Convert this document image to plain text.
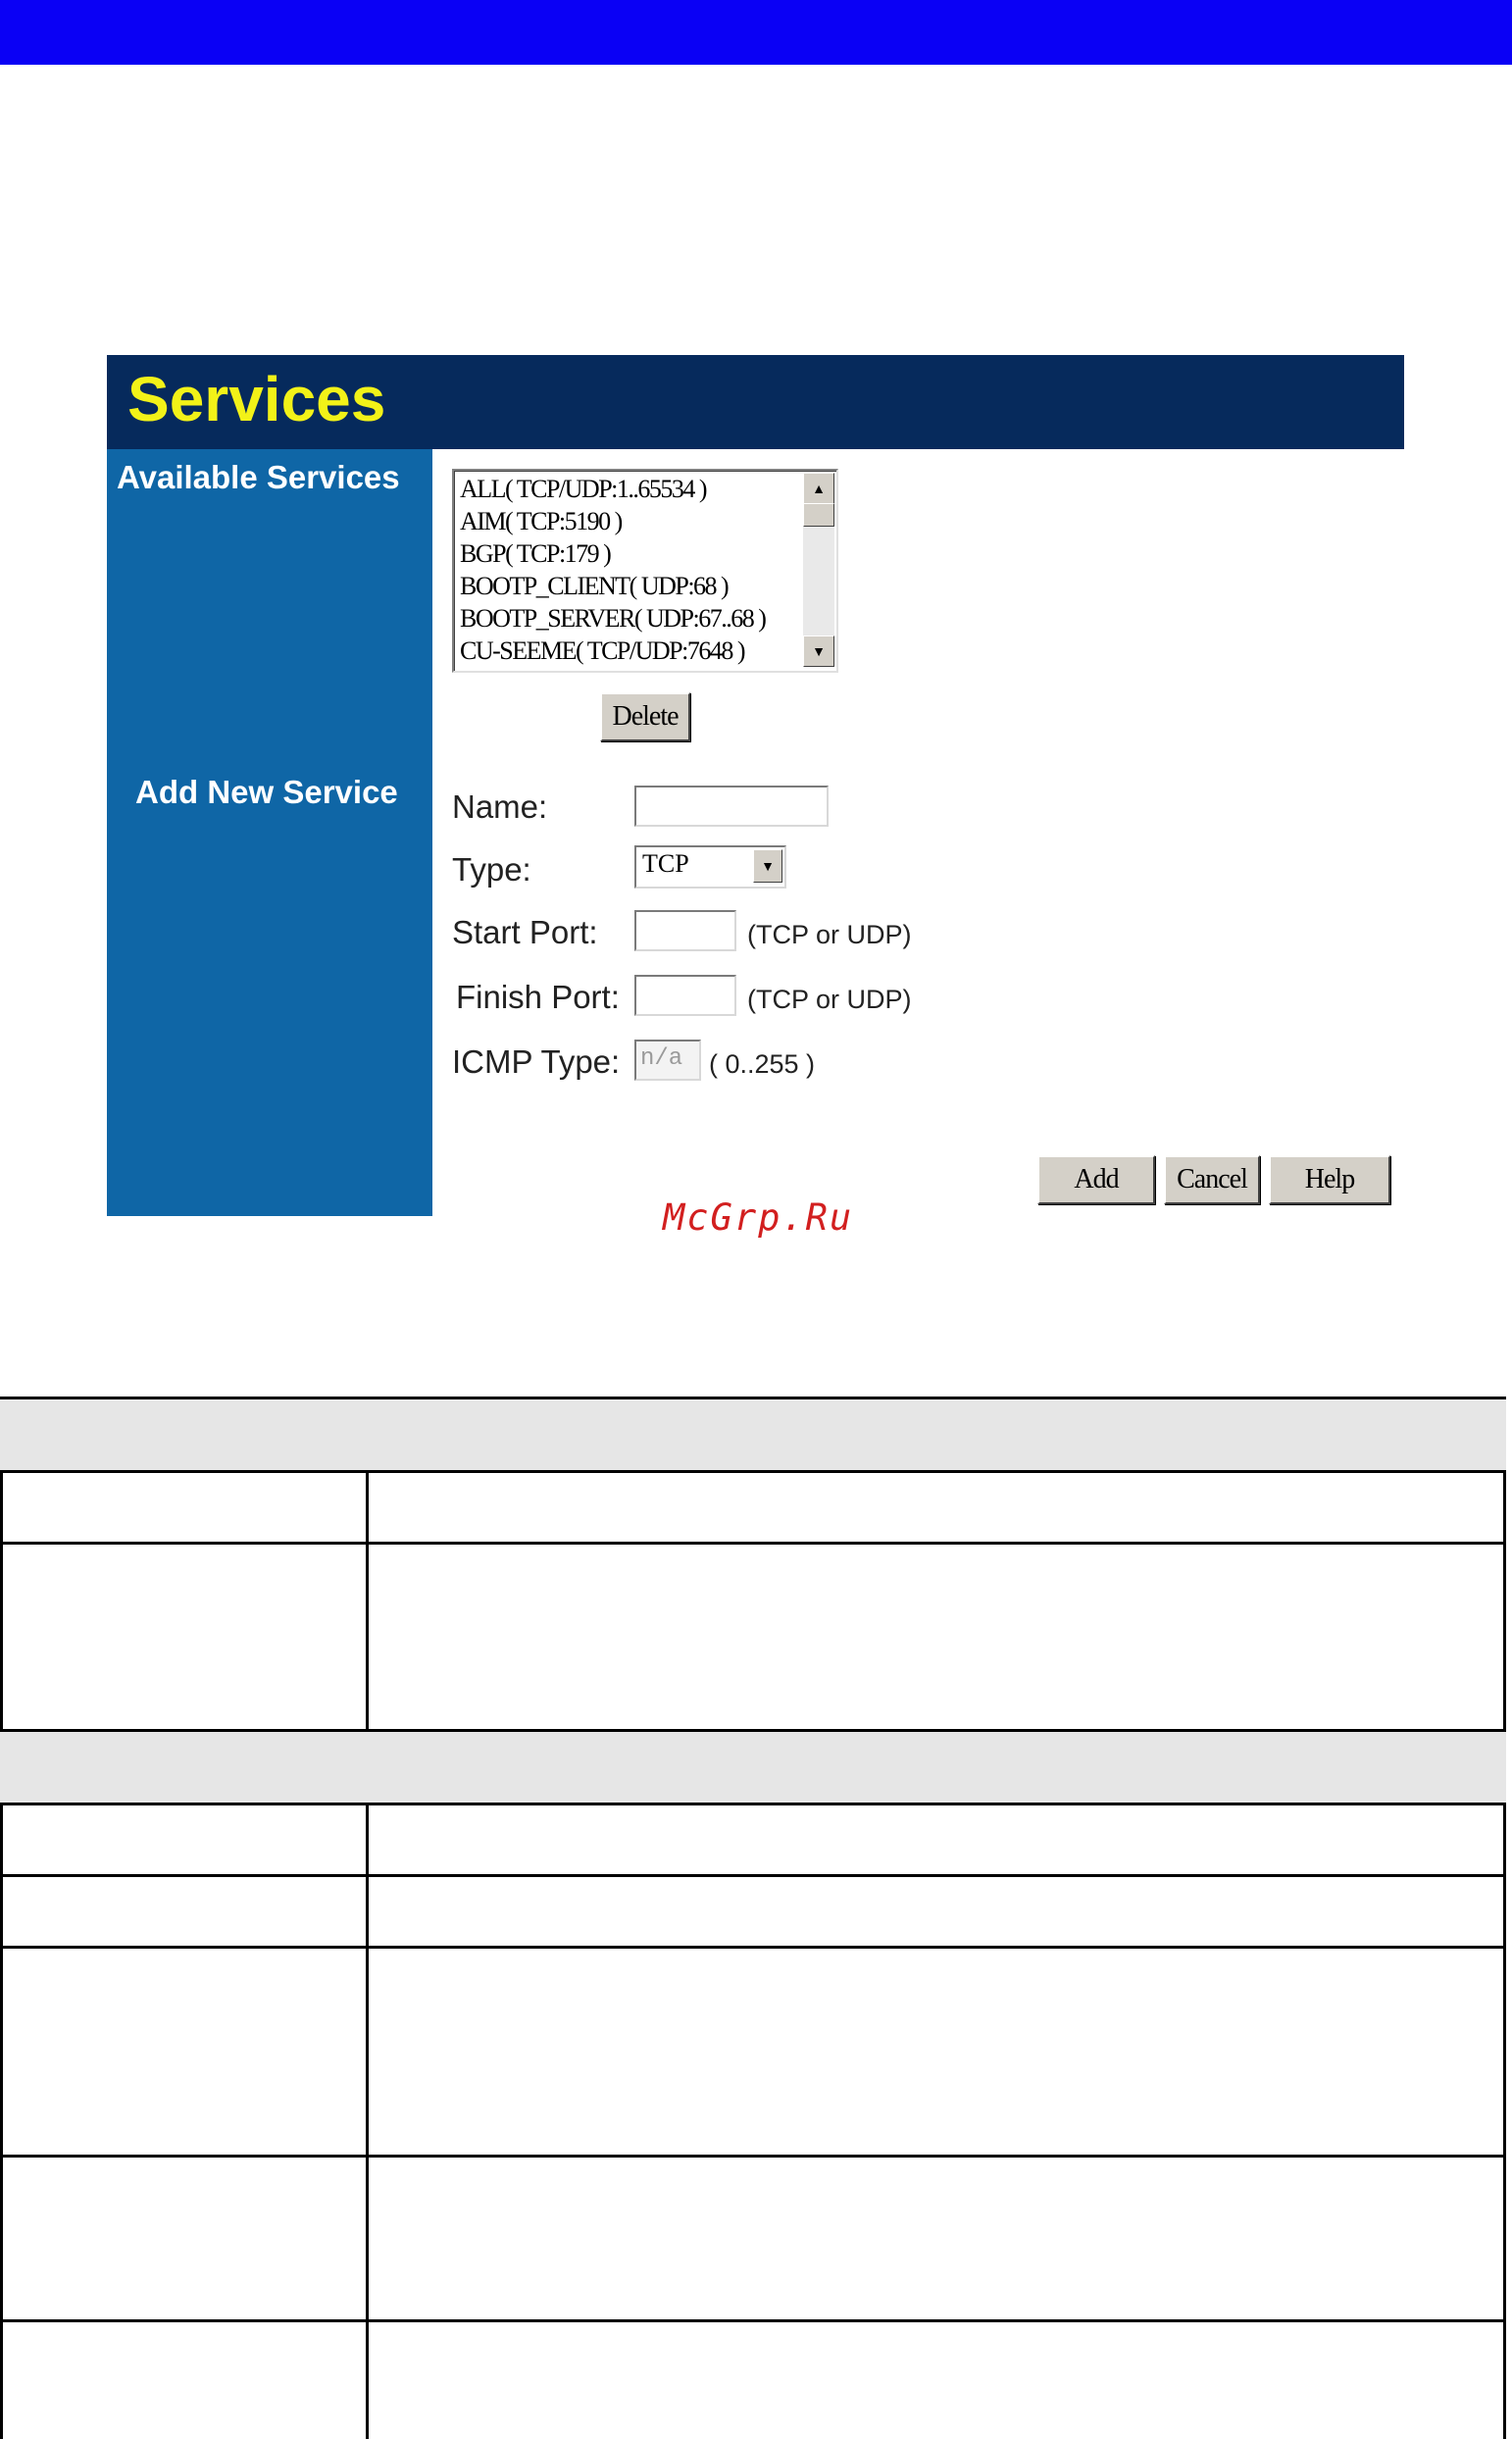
Services
Available Services
Add New Service
ALL( TCP/UDP:1..65534 )
AIM( TCP:5190 )
BGP( TCP:179 )
BOOTP_CLIENT( UDP:68 )
BOOTP_SERVER( UDP:67..68 )
CU-SEEME( TCP/UDP:7648 )
▲
▼
Delete
Name:
Type:	TCP	▼
Start Port:	(TCP or UDP)
Finish Port:	(TCP or UDP)
ICMP Type: n/a ( 0..255 )
Add	Cancel	Help
McGrp.Ru
